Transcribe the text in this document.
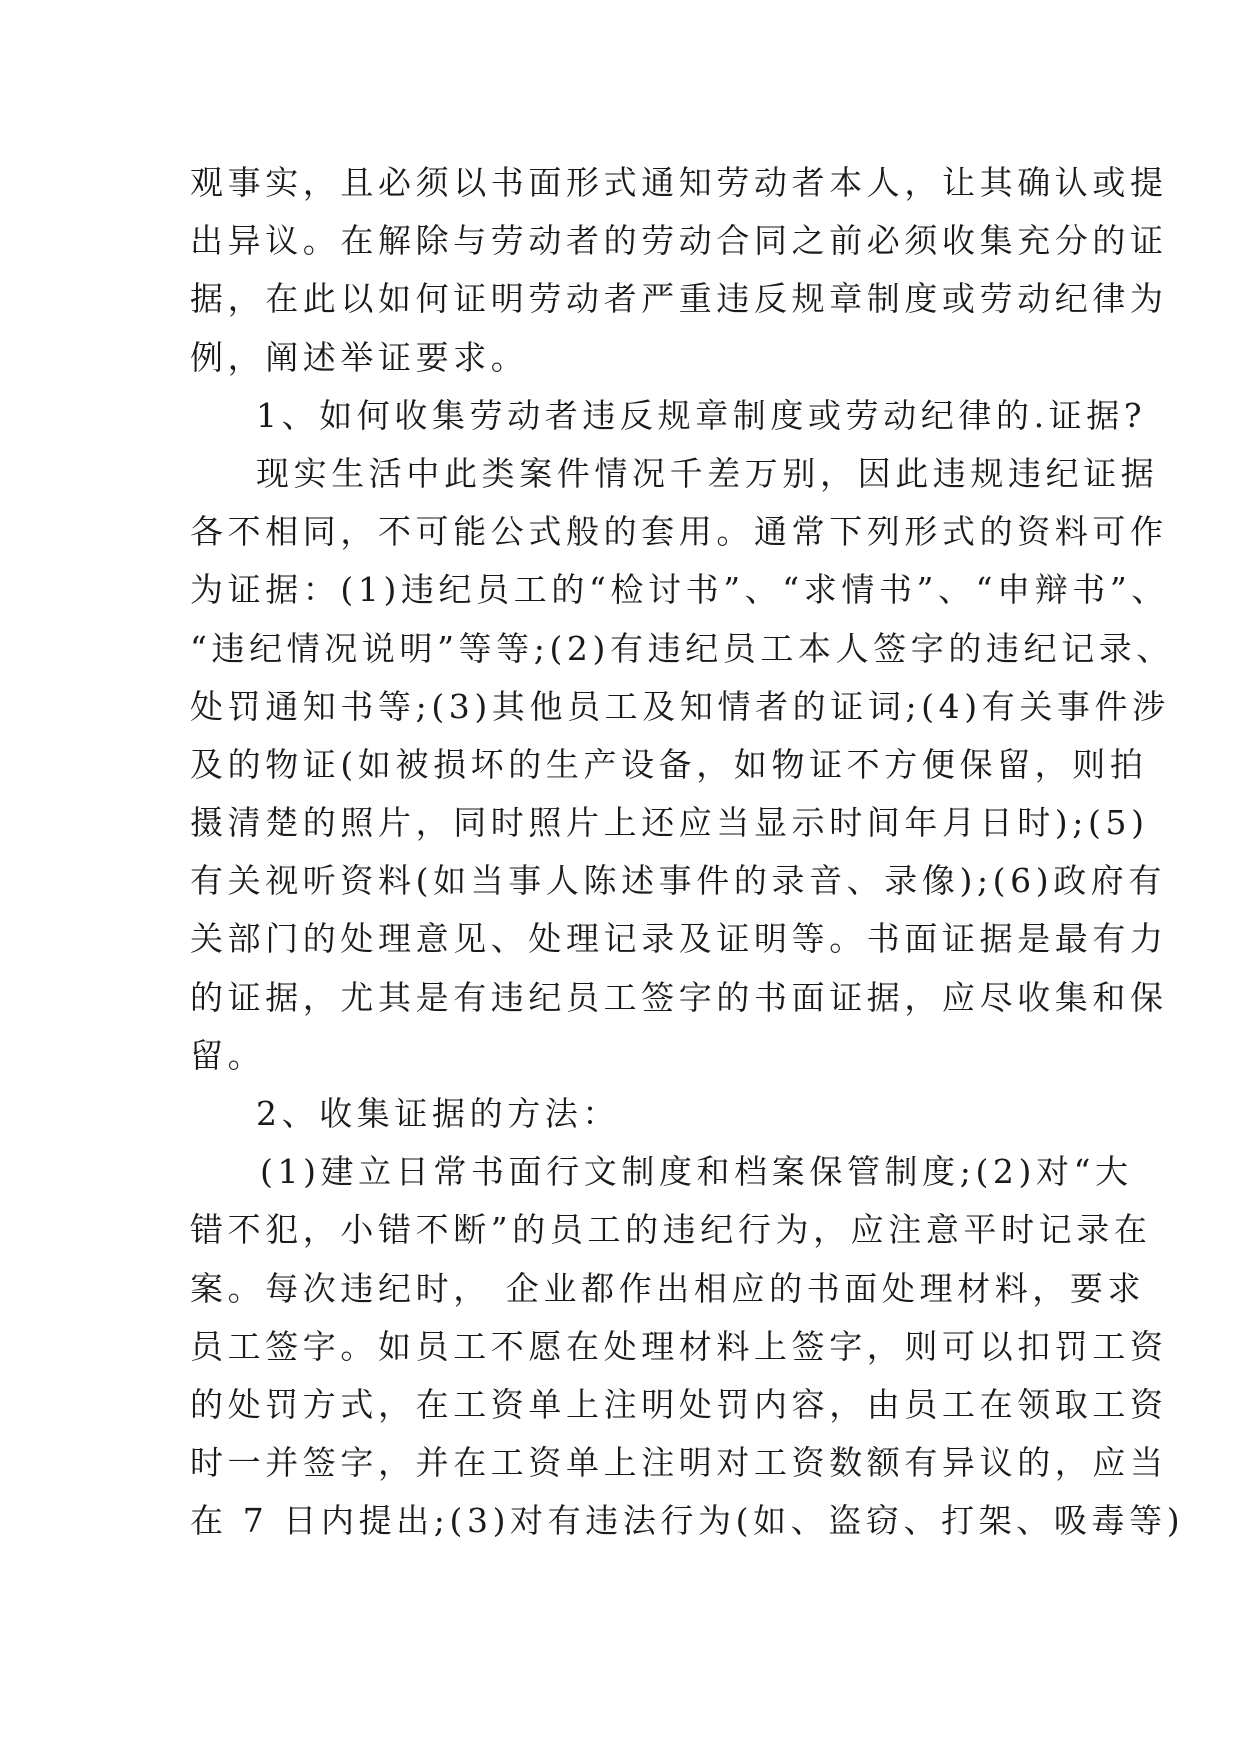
观事实，且必须以书面形式通知劳动者本人，让其确认或提
出异议。在解除与劳动者的劳动合同之前必须收集充分的证
据，在此以如何证明劳动者严重违反规章制度或劳动纪律为
例，阐述举证要求。
1、如何收集劳动者违反规章制度或劳动纪律的.证据?
现实生活中此类案件情况千差万别，因此违规违纪证据
各不相同，不可能公式般的套用。通常下列形式的资料可作
为证据：(1)违纪员工的“检讨书”、“求情书”、“申辩书”、
“违纪情况说明”等等;(2)有违纪员工本人签字的违纪记录、
处罚通知书等;(3)其他员工及知情者的证词;(4)有关事件涉
及的物证(如被损坏的生产设备，如物证不方便保留，则拍
摄清楚的照片，同时照片上还应当显示时间年月日时);(5)
有关视听资料(如当事人陈述事件的录音、录像);(6)政府有
关部门的处理意见、处理记录及证明等。书面证据是最有力
的证据，尤其是有违纪员工签字的书面证据，应尽收集和保
留。
2、收集证据的方法：
(1)建立日常书面行文制度和档案保管制度;(2)对“大
错不犯，小错不断”的员工的违纪行为，应注意平时记录在
案。每次违纪时， 企业都作出相应的书面处理材料，要求
员工签字。如员工不愿在处理材料上签字，则可以扣罚工资
的处罚方式，在工资单上注明处罚内容，由员工在领取工资
时一并签字，并在工资单上注明对工资数额有异议的，应当
在 7 日内提出;(3)对有违法行为(如、盗窃、打架、吸毒等)
